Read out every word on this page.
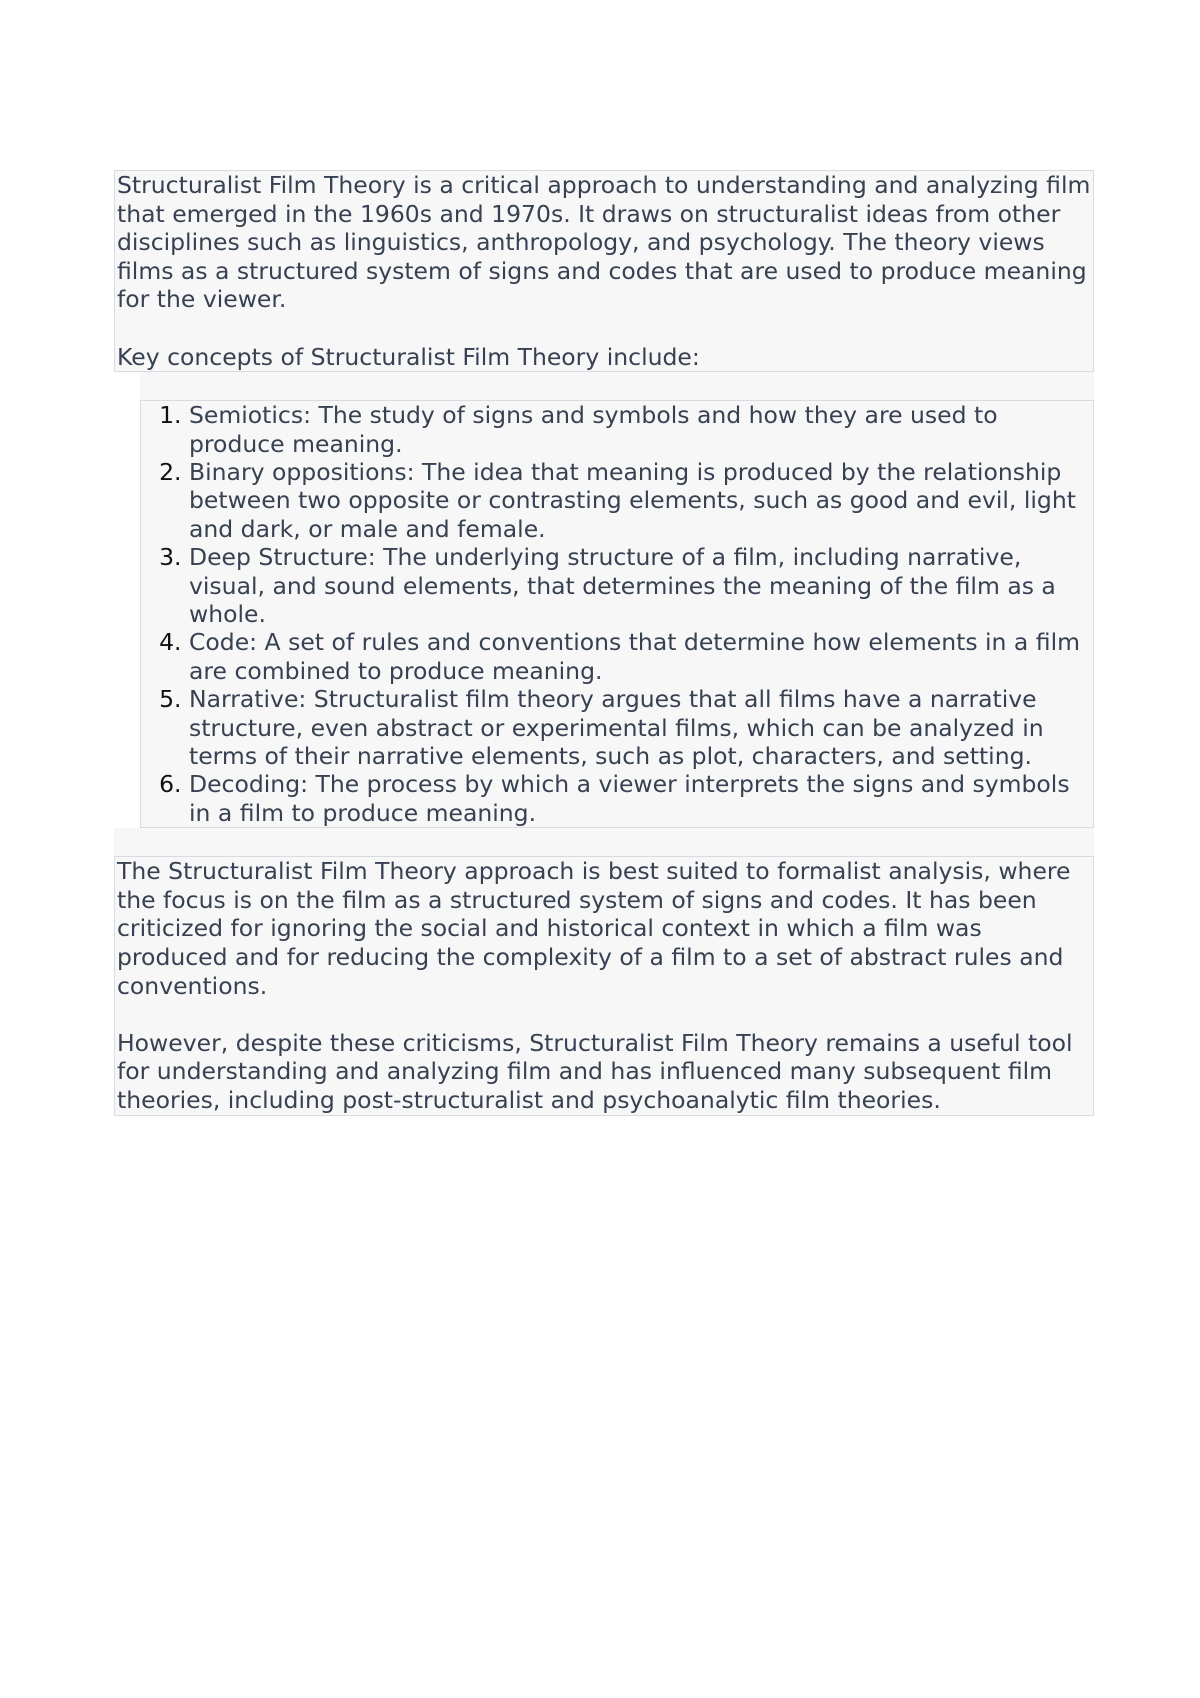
Structuralist Film Theory is a critical approach to understanding and analyzing film that emerged in the 1960s and 1970s. It draws on structuralist ideas from other disciplines such as linguistics, anthropology, and psychology. The theory views films as a structured system of signs and codes that are used to produce meaning for the viewer.

Key concepts of Structuralist Film Theory include:

1. Semiotics: The study of signs and symbols and how they are used to produce meaning.
2. Binary oppositions: The idea that meaning is produced by the relationship between two opposite or contrasting elements, such as good and evil, light and dark, or male and female.
3. Deep Structure: The underlying structure of a film, including narrative, visual, and sound elements, that determines the meaning of the film as a whole.
4. Code: A set of rules and conventions that determine how elements in a film are combined to produce meaning.
5. Narrative: Structuralist film theory argues that all films have a narrative structure, even abstract or experimental films, which can be analyzed in terms of their narrative elements, such as plot, characters, and setting.
6. Decoding: The process by which a viewer interprets the signs and symbols in a film to produce meaning.

The Structuralist Film Theory approach is best suited to formalist analysis, where the focus is on the film as a structured system of signs and codes. It has been criticized for ignoring the social and historical context in which a film was produced and for reducing the complexity of a film to a set of abstract rules and conventions.

However, despite these criticisms, Structuralist Film Theory remains a useful tool for understanding and analyzing film and has influenced many subsequent film theories, including post-structuralist and psychoanalytic film theories.
